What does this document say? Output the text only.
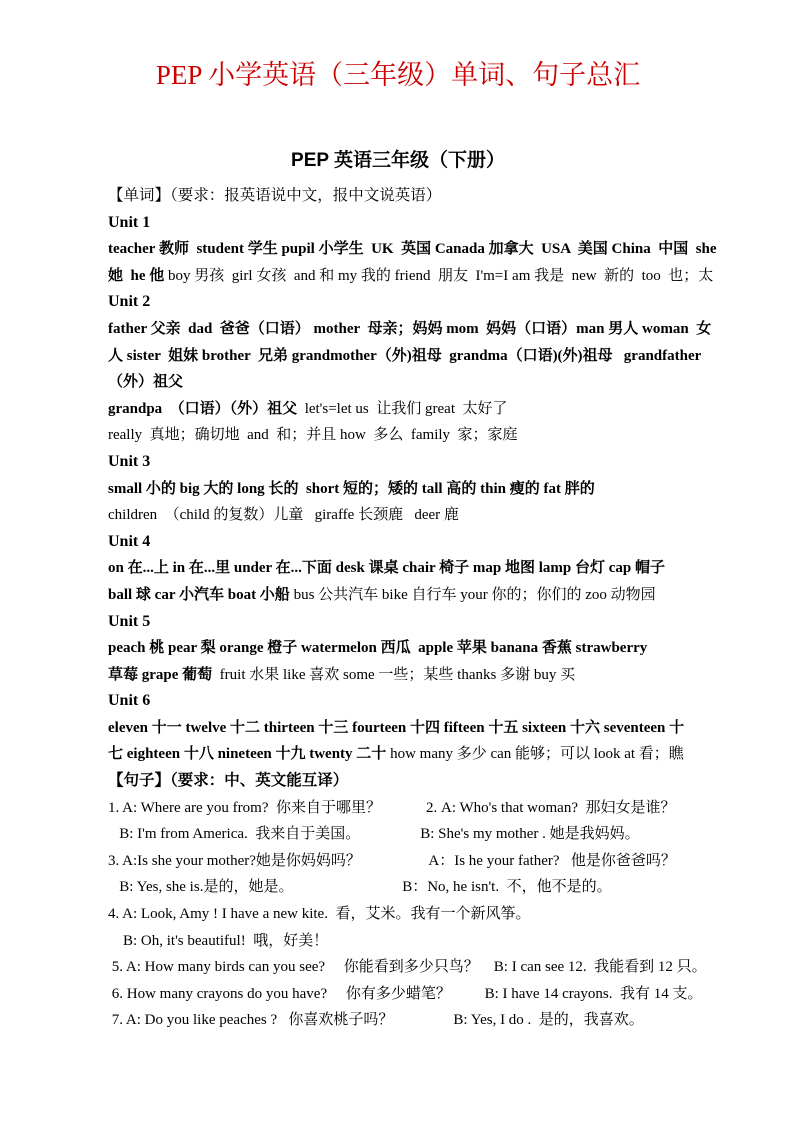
PEP 小学英语（三年级）单词、句子总汇
PEP 英语三年级（下册）
【单词】（要求：报英语说中文，报中文说英语）
Unit 1
teacher 教师  student 学生 pupil 小学生  UK  英国 Canada 加拿大  USA  美国 China  中国  she
她  he 他 boy 男孩  girl 女孩  and 和 my 我的 friend  朋友  I'm=I am 我是  new  新的  too  也；太
Unit 2
father 父亲  dad  爸爸（口语） mother  母亲；妈妈 mom  妈妈（口语）man 男人 woman  女
人 sister  姐妹 brother  兄弟 grandmother（外)祖母  grandma（口语)(外)祖母   grandfather
（外）祖父
grandpa  （口语）（外）祖父  let's=let us  让我们 great  太好了
really  真地；确切地  and  和；并且 how  多么  family  家；家庭
Unit 3
small 小的 big 大的 long 长的  short 短的；矮的 tall 高的 thin 瘦的 fat 胖的
children  （child 的复数）儿童   giraffe 长颈鹿   deer 鹿
Unit 4
on 在...上 in 在...里 under 在...下面 desk 课桌 chair 椅子 map 地图 lamp 台灯 cap 帽子
ball 球 car 小汽车 boat 小船 bus 公共汽车 bike 自行车 your 你的；你们的 zoo 动物园
Unit 5
peach 桃 pear 梨 orange 橙子 watermelon 西瓜  apple 苹果 banana 香蕉 strawberry
草莓 grape 葡萄  fruit 水果 like 喜欢 some 一些；某些 thanks 多谢 buy 买
Unit 6
eleven 十一 twelve 十二 thirteen 十三 fourteen 十四 fifteen 十五 sixteen 十六 seventeen 十
七 eighteen 十八 nineteen 十九 twenty 二十 how many 多少 can 能够；可以 look at 看；瞧
【句子】（要求：中、英文能互译）
1. A: Where are you from?  你来自于哪里？            2. A: Who's that woman?  那妇女是谁？
B: I'm from America.  我来自于美国。                B: She's my mother . 她是我妈妈。
3. A:Is she your mother?她是你妈妈吗？                  A：Is he your father?   他是你爸爸吗？
B: Yes, she is.是的，她是。                             B：No, he isn't.  不，他不是的。
4. A: Look, Amy ! I have a new kite.  看，艾米。我有一个新风筝。
B: Oh, it's beautiful!  哦，好美！
5. A: How many birds can you see?     你能看到多少只鸟？    B: I can see 12.  我能看到 12 只。
6. How many crayons do you have?     你有多少蜡笔？         B: I have 14 crayons.  我有 14 支。
7. A: Do you like peaches ?   你喜欢桃子吗？                B: Yes, I do .  是的，我喜欢。
